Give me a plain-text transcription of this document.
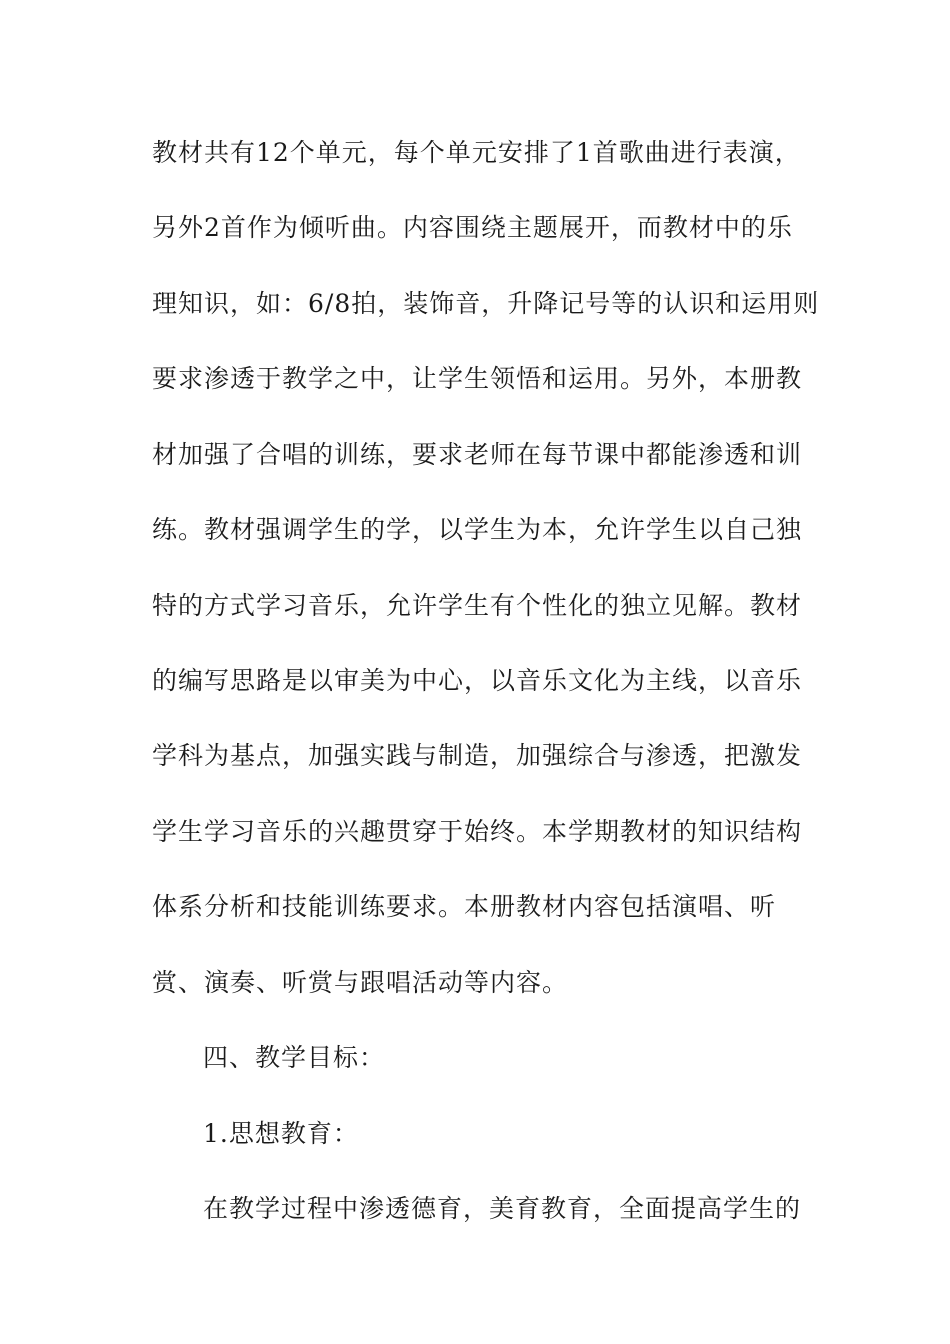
教材共有12个单元，每个单元安排了1首歌曲进行表演，
另外2首作为倾听曲。内容围绕主题展开，而教材中的乐
理知识，如：6/8拍，装饰音，升降记号等的认识和运用则
要求渗透于教学之中，让学生领悟和运用。另外，本册教
材加强了合唱的训练，要求老师在每节课中都能渗透和训
练。教材强调学生的学，以学生为本，允许学生以自己独
特的方式学习音乐，允许学生有个性化的独立见解。教材
的编写思路是以审美为中心，以音乐文化为主线，以音乐
学科为基点，加强实践与制造，加强综合与渗透，把激发
学生学习音乐的兴趣贯穿于始终。本学期教材的知识结构
体系分析和技能训练要求。本册教材内容包括演唱、听
赏、演奏、听赏与跟唱活动等内容。
四、教学目标：
1.思想教育：
在教学过程中渗透德育，美育教育，全面提高学生的
